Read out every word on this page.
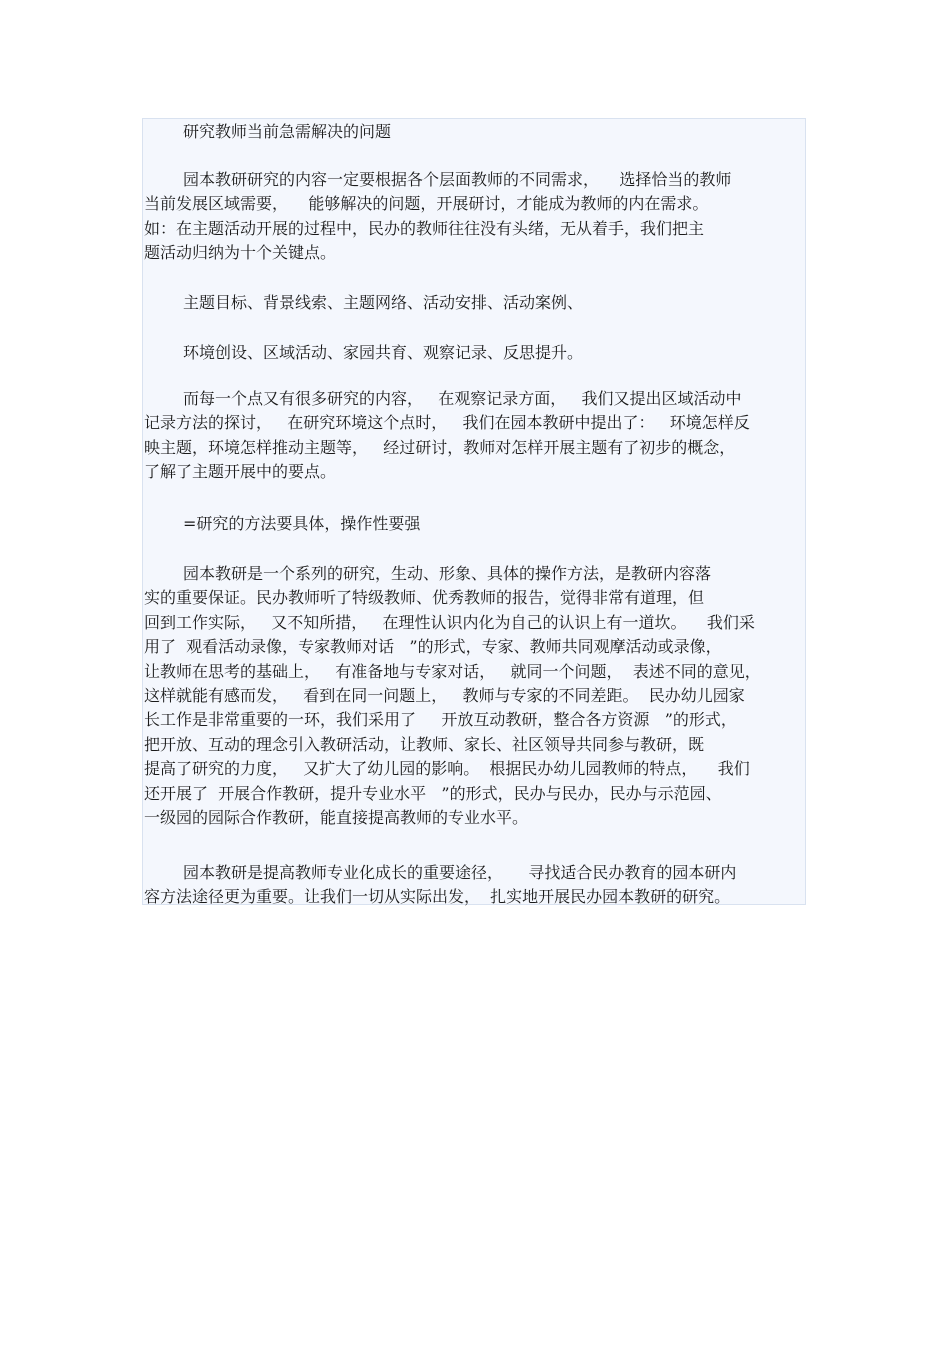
研究教师当前急需解决的问题
园本教研研究的内容一定要根据各个层面教师的不同需求，    选择恰当的教师
当前发展区域需要，    能够解决的问题，开展研讨，才能成为教师的内在需求。
如：在主题活动开展的过程中，民办的教师往往没有头绪，无从着手，我们把主
题活动归纳为十个关键点。
主题目标、背景线索、主题网络、活动安排、活动案例、
环境创设、区域活动、家园共育、观察记录、反思提升。
而每一个点又有很多研究的内容，   在观察记录方面，   我们又提出区域活动中
记录方法的探讨，   在研究环境这个点时，   我们在园本教研中提出了：   环境怎样反
映主题，环境怎样推动主题等，   经过研讨，教师对怎样开展主题有了初步的概念，
了解了主题开展中的要点。
=研究的方法要具体，操作性要强
园本教研是一个系列的研究，生动、形象、具体的操作方法，是教研内容落
实的重要保证。民办教师听了特级教师、优秀教师的报告，觉得非常有道理，但
回到工作实际，   又不知所措，   在理性认识内化为自己的认识上有一道坎。    我们采
用了  观看活动录像，专家教师对话   ”的形式，专家、教师共同观摩活动或录像，
让教师在思考的基础上，   有准备地与专家对话，   就同一个问题，  表述不同的意见，
这样就能有感而发，   看到在同一问题上，   教师与专家的不同差距。  民办幼儿园家
长工作是非常重要的一环，我们采用了     开放互动教研，整合各方资源   ”的形式，
把开放、互动的理念引入教研活动，让教师、家长、社区领导共同参与教研，既
提高了研究的力度，   又扩大了幼儿园的影响。  根据民办幼儿园教师的特点，    我们
还开展了  开展合作教研，提升专业水平   ”的形式，民办与民办，民办与示范园、
一级园的园际合作教研，能直接提高教师的专业水平。
园本教研是提高教师专业化成长的重要途径，     寻找适合民办教育的园本研内
容方法途径更为重要。让我们一切从实际出发，  扎实地开展民办园本教研的研究。
